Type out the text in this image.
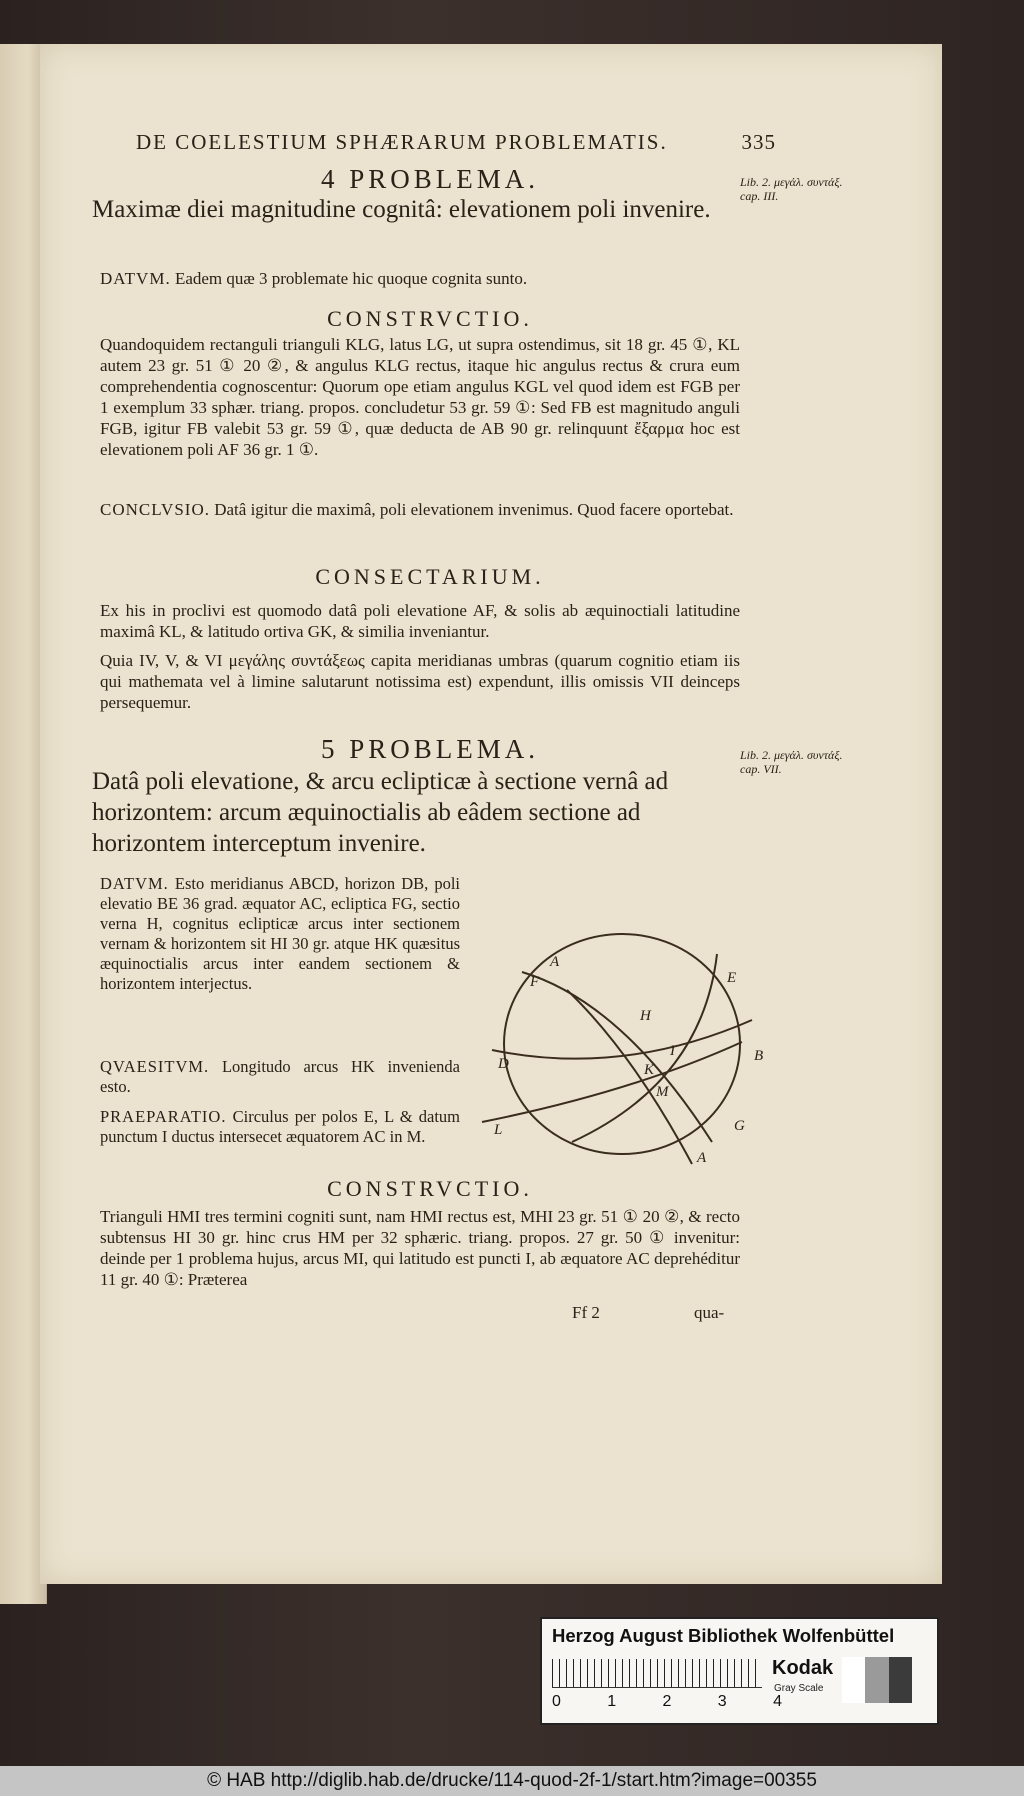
DE COELESTIUM SPHÆRARUM PROBLEMATIS.	335
4 PROBLEMA.	Lib. 2. μεγάλ. συντάξ. cap. III.
Maximæ diei magnitudine cognitâ: elevationem poli invenire.
DATVM. Eadem quæ 3 problemate hic quoque cognita sunto.
CONSTRVCTIO.
Quandoquidem rectanguli trianguli KLG, latus LG, ut supra ostendimus, sit 18 gr. 45 ①, KL autem 23 gr. 51 ① 20 ②, & angulus KLG rectus, itaque hic angulus rectus & crura eum comprehendentia cognoscentur: Quorum ope etiam angulus KGL vel quod idem est FGB per 1 exemplum 33 sphær. triang. propos. concludetur 53 gr. 59 ①: Sed FB est magnitudo anguli FGB, igitur FB valebit 53 gr. 59 ①, quæ deducta de AB 90 gr. relinquunt ἔξαρμα hoc est elevationem poli AF 36 gr. 1 ①.
CONCLVSIO. Datâ igitur die maximâ, poli elevationem invenimus. Quod facere oportebat.
CONSECTARIUM.
Ex his in proclivi est quomodo datâ poli elevatione AF, & solis ab æquinoctiali latitudine maximâ KL, & latitudo ortiva GK, & similia inveniantur.
Quia IV, V, & VI μεγάλης συντάξεως capita meridianas umbras (quarum cognitio etiam iis qui mathemata vel à limine salutarunt notissima est) expendunt, illis omissis VII deinceps persequemur.
5 PROBLEMA.	Lib. 2. μεγάλ. συντάξ. cap. VII.
Datâ poli elevatione, & arcu eclipticæ à sectione vernâ ad horizontem: arcum æquinoctialis ab eâdem sectione ad horizontem interceptum invenire.
DATVM. Esto meridianus ABCD, horizon DB, poli elevatio BE 36 grad. æquator AC, ecliptica FG, sectio verna H, cognitus eclipticæ arcus inter sectionem vernam & horizontem sit HI 30 gr. atque HK quæsitus æquinoctialis arcus inter eandem sectionem & horizontem interjectus.
QVAESITVM. Longitudo arcus HK invenienda esto.
PRAEPARATIO. Circulus per polos E, L & datum punctum I ductus intersecet æquatorem AC in M.
A
E
F
H
I
K
M
D	B
L	G
A
CONSTRVCTIO.
Trianguli HMI tres termini cogniti sunt, nam HMI rectus est, MHI 23 gr. 51 ① 20 ②, & recto subtensus HI 30 gr. hinc crus HM per 32 sphæric. triang. propos. 27 gr. 50 ① invenitur: deinde per 1 problema hujus, arcus MI, qui latitudo est puncti I, ab æquatore AC deprehéditur 11 gr. 40 ①: Præterea
Ff 2	qua-
Herzog August Bibliothek Wolfenbüttel
0	1	2	3	4
Kodak
Gray Scale
© HAB http://diglib.hab.de/drucke/114-quod-2f-1/start.htm?image=00355
